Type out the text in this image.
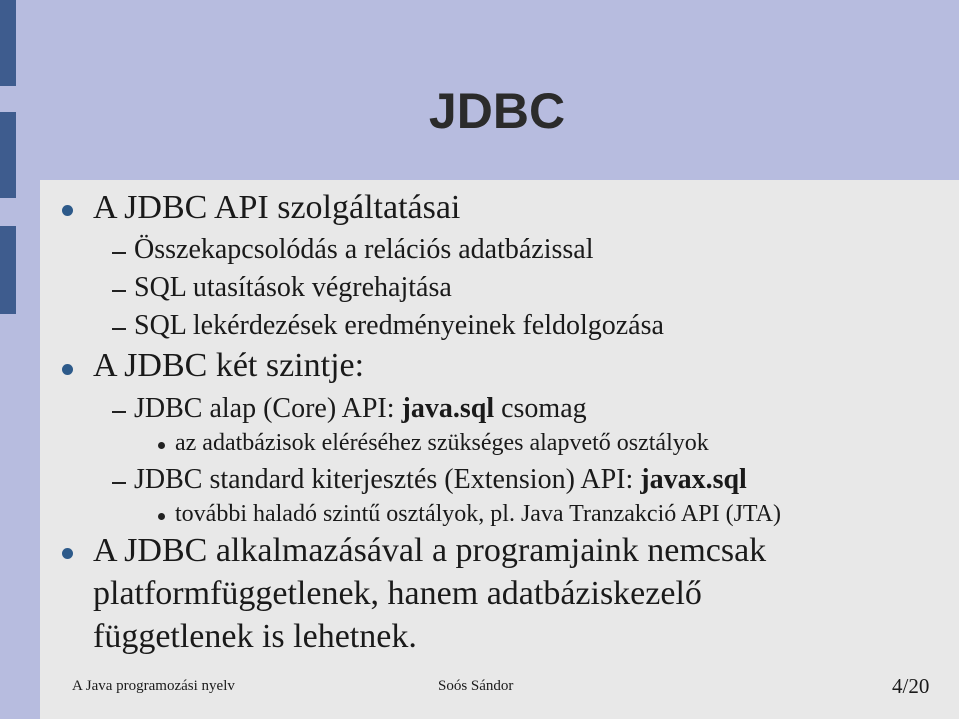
JDBC
A JDBC API szolgáltatásai
Összekapcsolódás a relációs adatbázissal
SQL utasítások végrehajtása
SQL lekérdezések eredményeinek feldolgozása
A JDBC két szintje:
JDBC alap (Core) API: java.sql csomag
az adatbázisok eléréséhez szükséges alapvető osztályok
JDBC standard kiterjesztés (Extension) API: javax.sql
további haladó szintű osztályok, pl. Java Tranzakció API (JTA)
A JDBC alkalmazásával a programjaink nemcsak
platformfüggetlenek, hanem adatbáziskezelő
függetlenek is lehetnek.
A Java programozási nyelv	Soós Sándor	4/20
